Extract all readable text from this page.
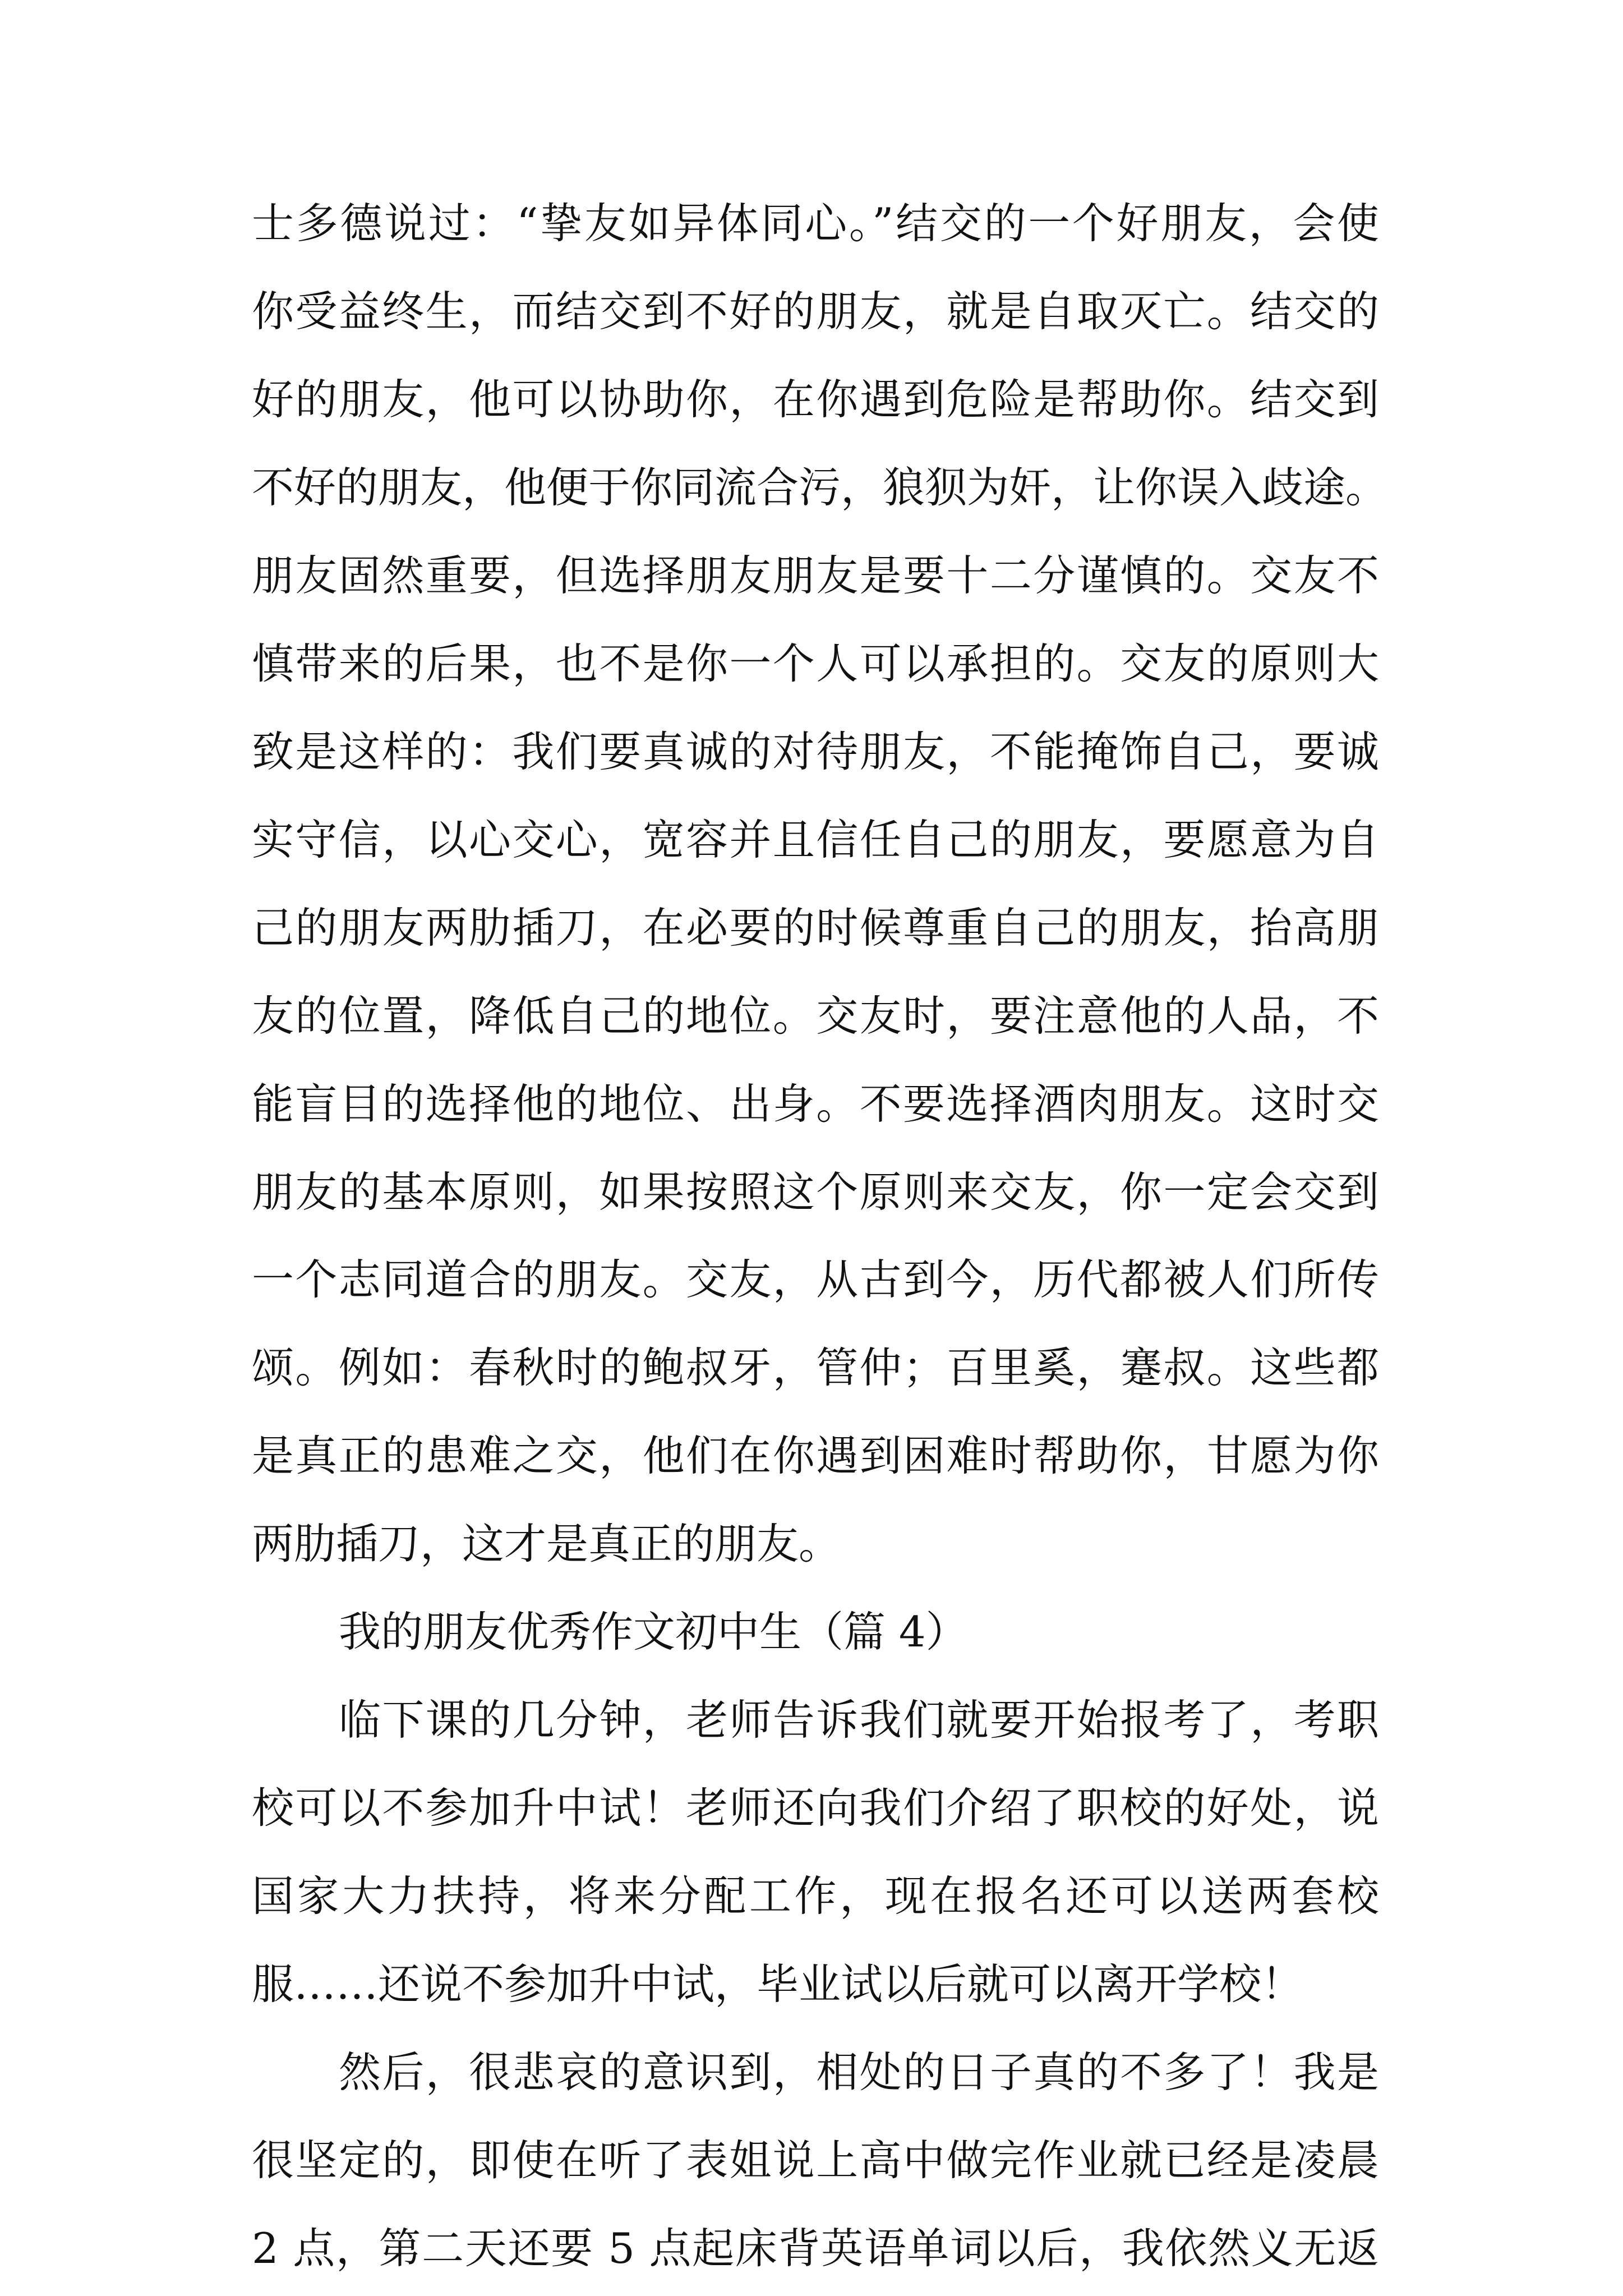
士多德说过：“挚友如异体同心。”结交的一个好朋友，会使
你受益终生，而结交到不好的朋友，就是自取灭亡。结交的
好的朋友，他可以协助你，在你遇到危险是帮助你。结交到
不好的朋友，他便于你同流合污，狼狈为奸，让你误入歧途。
朋友固然重要，但选择朋友朋友是要十二分谨慎的。交友不
慎带来的后果，也不是你一个人可以承担的。交友的原则大
致是这样的：我们要真诚的对待朋友，不能掩饰自己，要诚
实守信，以心交心，宽容并且信任自己的朋友，要愿意为自
己的朋友两肋插刀，在必要的时候尊重自己的朋友，抬高朋
友的位置，降低自己的地位。交友时，要注意他的人品，不
能盲目的选择他的地位、出身。不要选择酒肉朋友。这时交
朋友的基本原则，如果按照这个原则来交友，你一定会交到
一个志同道合的朋友。交友，从古到今，历代都被人们所传
颂。例如：春秋时的鲍叔牙，管仲；百里奚，蹇叔。这些都
是真正的患难之交，他们在你遇到困难时帮助你，甘愿为你
两肋插刀，这才是真正的朋友。
我的朋友优秀作文初中生（篇 4）
临下课的几分钟，老师告诉我们就要开始报考了，考职
校可以不参加升中试！老师还向我们介绍了职校的好处，说
国家大力扶持，将来分配工作，现在报名还可以送两套校
服……还说不参加升中试，毕业试以后就可以离开学校！
然后，很悲哀的意识到，相处的日子真的不多了！我是
很坚定的，即使在听了表姐说上高中做完作业就已经是凌晨
2 点，第二天还要 5 点起床背英语单词以后，我依然义无返
